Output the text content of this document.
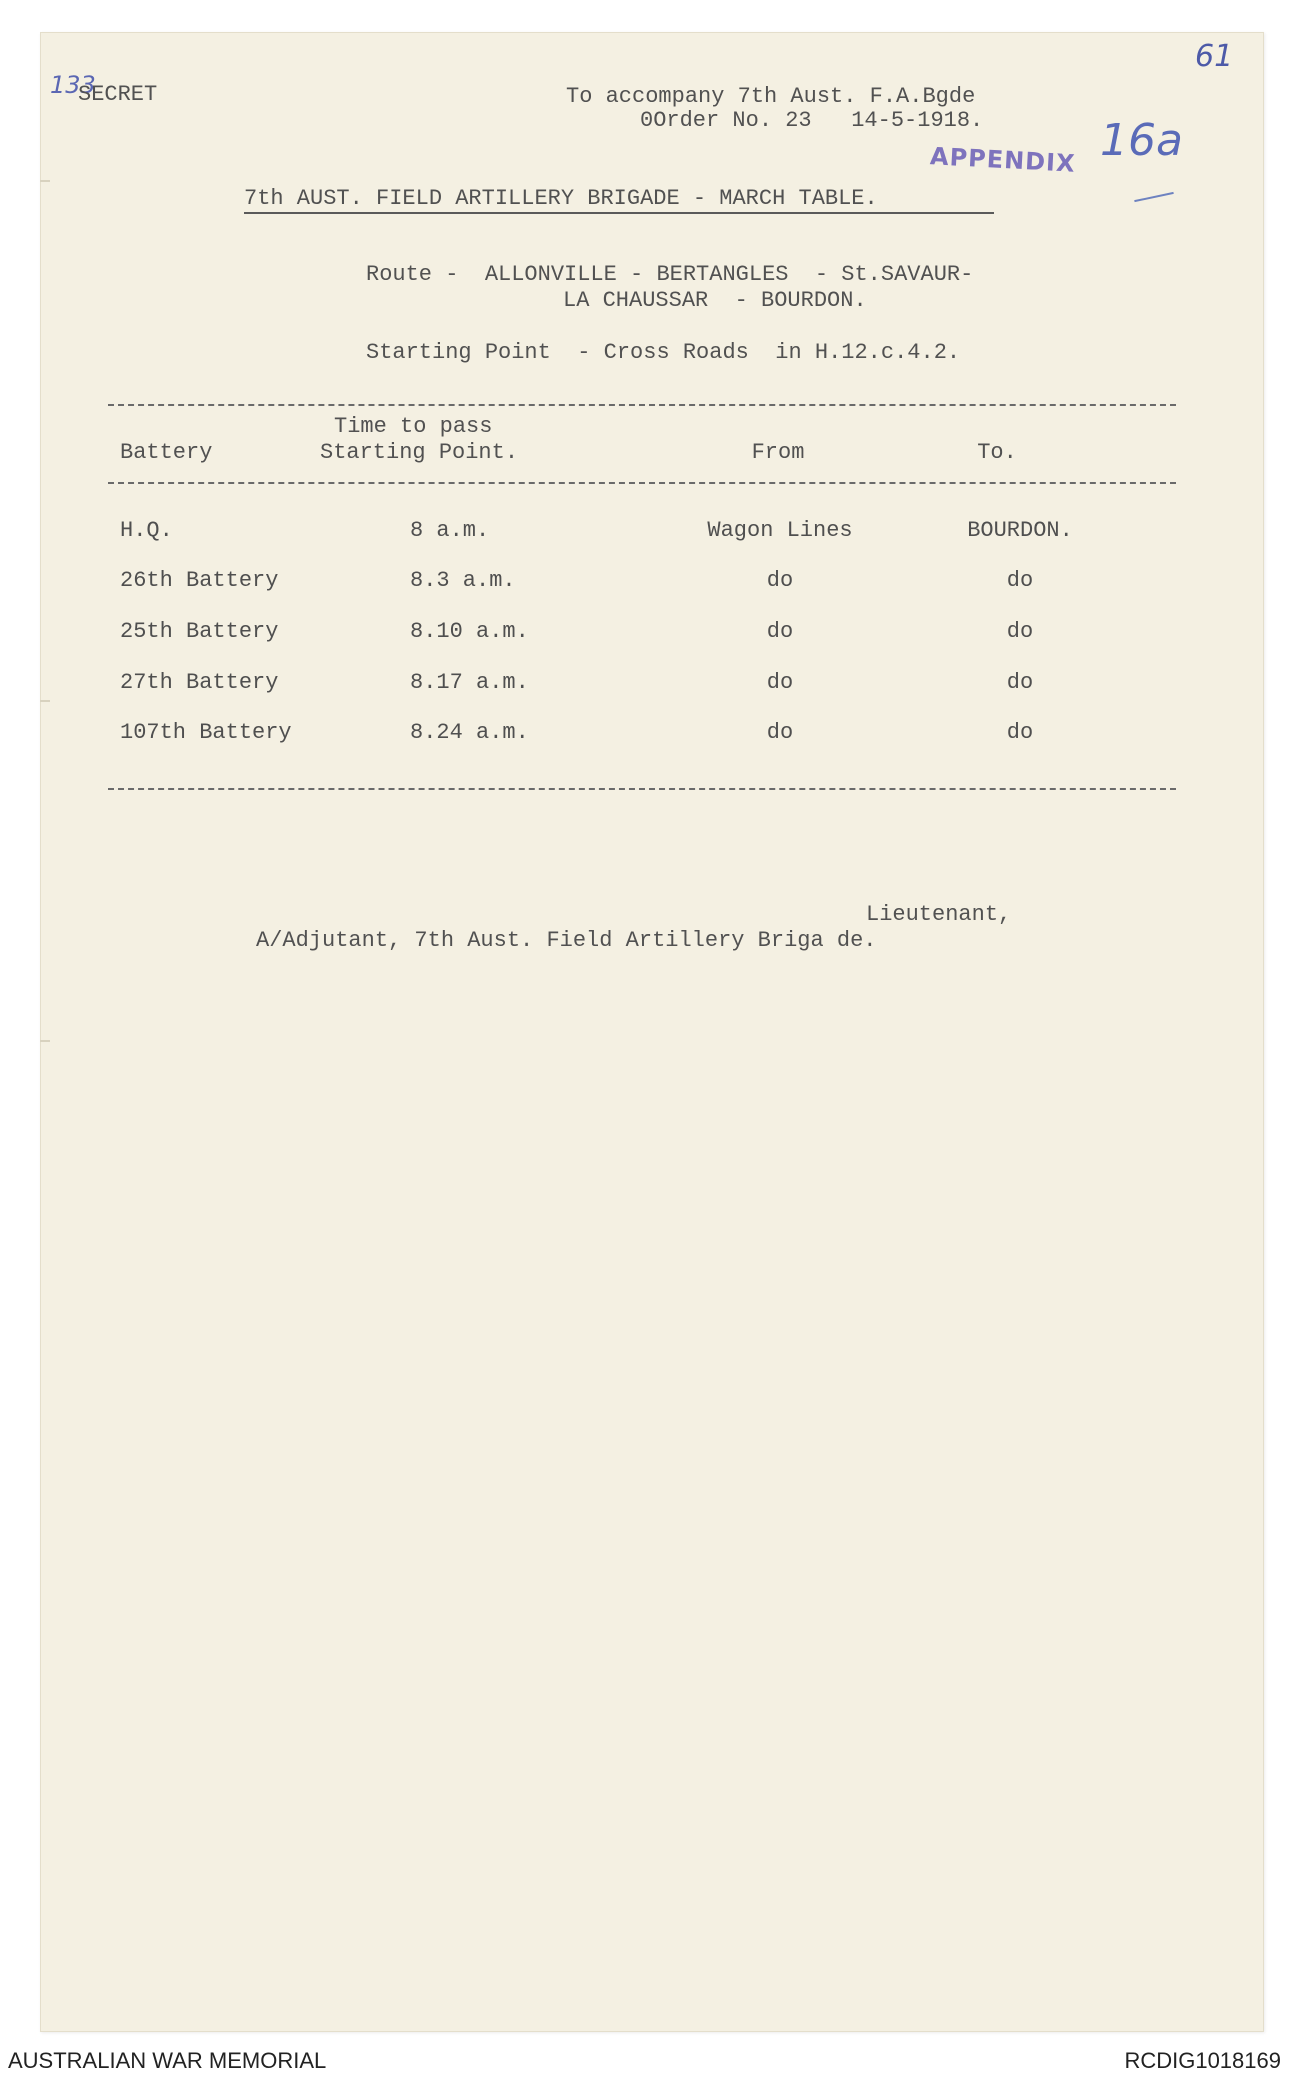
133
61
SECRET	To accompany 7th Aust. F.A.Bgde
0Order No. 23   14-5-1918.
APPENDIX 16a
7th AUST. FIELD ARTILLERY BRIGADE - MARCH TABLE.
Route -  ALLONVILLE - BERTANGLES  - St.SAVAUR-
LA CHAUSSAR  - BOURDON.
Starting Point  - Cross Roads  in H.12.c.4.2.
Time to pass
Battery	Starting Point.	From	To.
H.Q.	8 a.m.	Wagon Lines	BOURDON.
26th Battery	8.3 a.m.	do	do
25th Battery	8.10 a.m.	do	do
27th Battery	8.17 a.m.	do	do
107th Battery	8.24 a.m.	do	do
Lieutenant,
A/Adjutant, 7th Aust. Field Artillery Briga de.
AUSTRALIAN WAR MEMORIAL	RCDIG1018169
